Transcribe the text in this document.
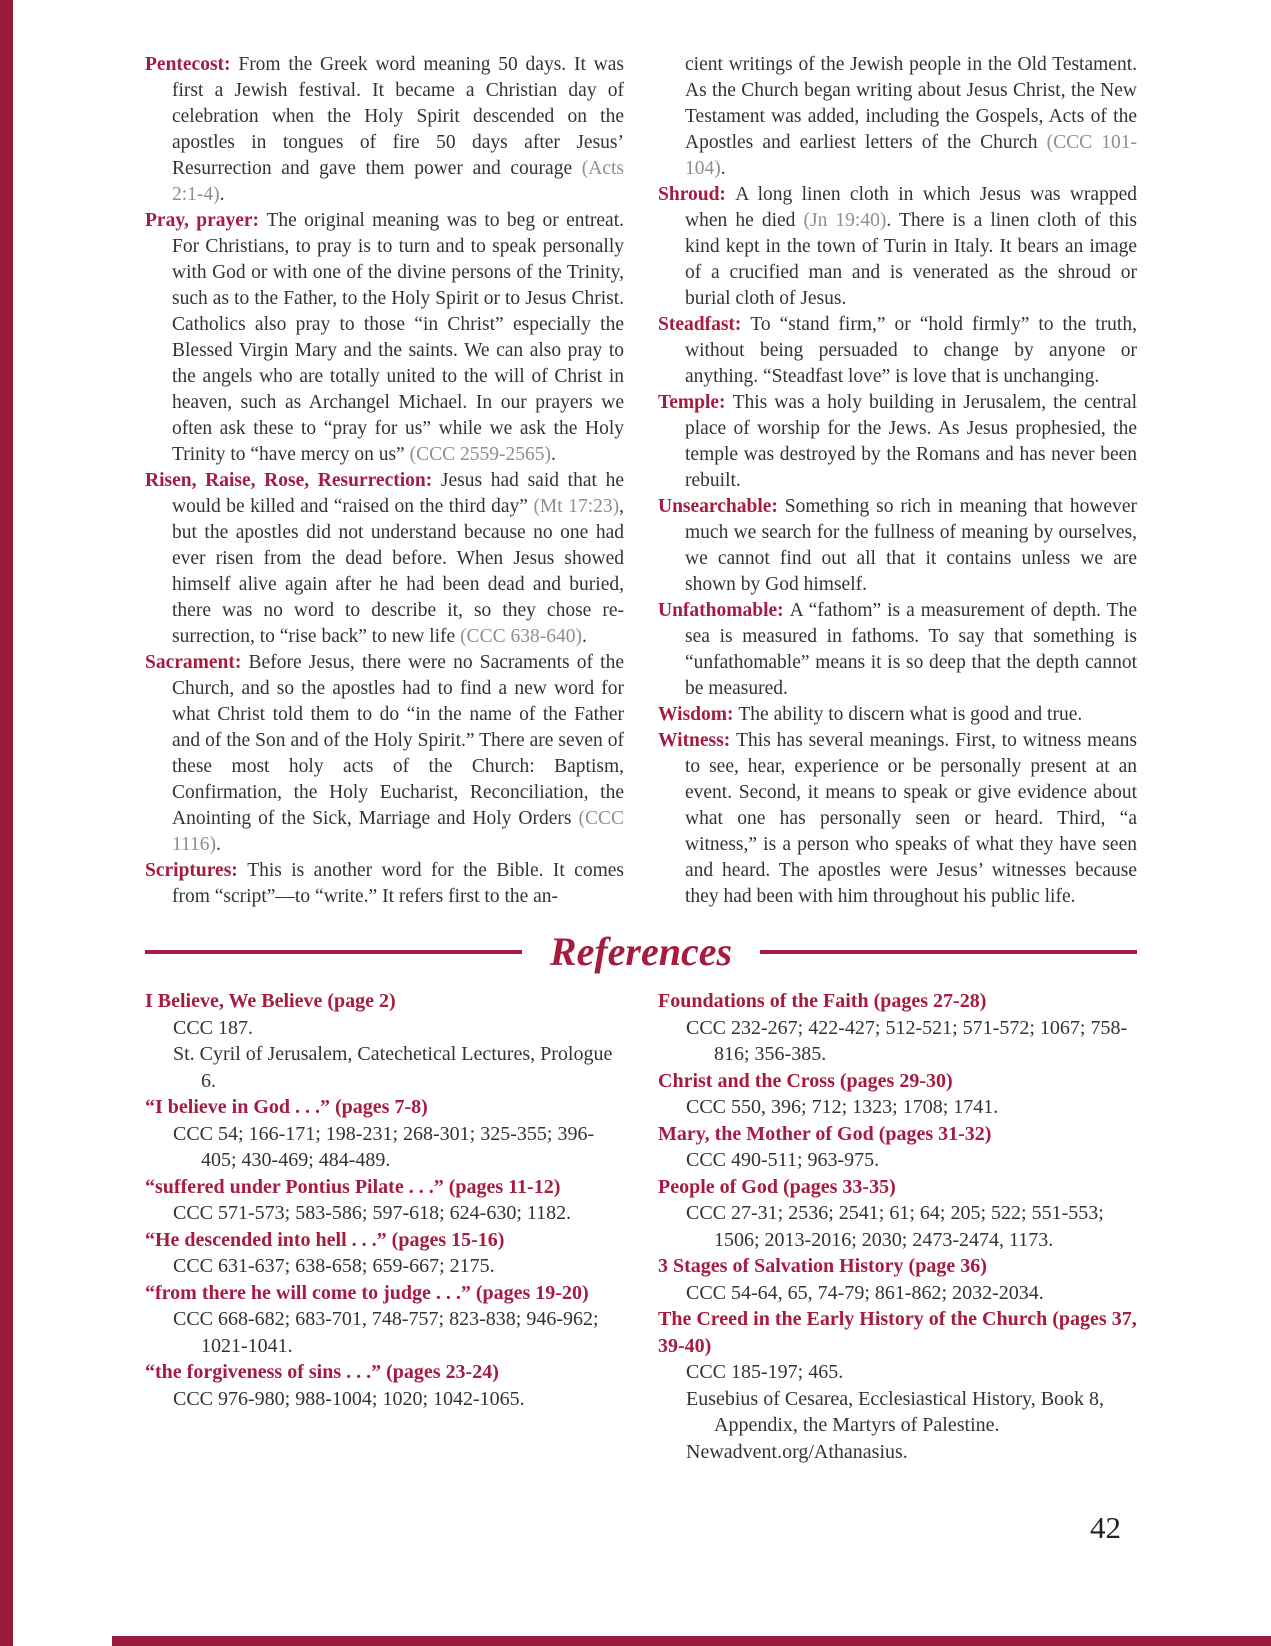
Pentecost: From the Greek word meaning 50 days. It was first a Jewish festival. It became a Christian day of celebration when the Holy Spirit descended on the apostles in tongues of fire 50 days after Jesus’ Resurrection and gave them power and courage (Acts 2:1-4).

Pray, prayer: The original meaning was to beg or entreat. For Christians, to pray is to turn and to speak personally with God or with one of the divine persons of the Trinity, such as to the Father, to the Holy Spirit or to Jesus Christ. Catholics also pray to those “in Christ” especially the Blessed Virgin Mary and the saints. We can also pray to the angels who are totally united to the will of Christ in heaven, such as Archangel Michael. In our prayers we often ask these to “pray for us” while we ask the Holy Trinity to “have mercy on us” (CCC 2559-2565).

Risen, Raise, Rose, Resurrection: Jesus had said that he would be killed and “raised on the third day” (Mt 17:23), but the apostles did not understand because no one had ever risen from the dead before. When Jesus showed himself alive again after he had been dead and buried, there was no word to describe it, so they chose re-surrection, to “rise back” to new life (CCC 638-640).

Sacrament: Before Jesus, there were no Sacraments of the Church, and so the apostles had to find a new word for what Christ told them to do “in the name of the Father and of the Son and of the Holy Spirit.” There are seven of these most holy acts of the Church: Baptism, Confirmation, the Holy Eucharist, Reconciliation, the Anointing of the Sick, Marriage and Holy Orders (CCC 1116).

Scriptures: This is another word for the Bible. It comes from “script”—to “write.” It refers first to the an-

cient writings of the Jewish people in the Old Testament. As the Church began writing about Jesus Christ, the New Testament was added, including the Gospels, Acts of the Apostles and earliest letters of the Church (CCC 101-104).

Shroud: A long linen cloth in which Jesus was wrapped when he died (Jn 19:40). There is a linen cloth of this kind kept in the town of Turin in Italy. It bears an image of a crucified man and is venerated as the shroud or burial cloth of Jesus.

Steadfast: To “stand firm,” or “hold firmly” to the truth, without being persuaded to change by anyone or anything. “Steadfast love” is love that is unchanging.

Temple: This was a holy building in Jerusalem, the central place of worship for the Jews. As Jesus prophesied, the temple was destroyed by the Romans and has never been rebuilt.

Unsearchable: Something so rich in meaning that however much we search for the fullness of meaning by ourselves, we cannot find out all that it contains unless we are shown by God himself.

Unfathomable: A “fathom” is a measurement of depth. The sea is measured in fathoms. To say that something is “unfathomable” means it is so deep that the depth cannot be measured.

Wisdom: The ability to discern what is good and true.

Witness: This has several meanings. First, to witness means to see, hear, experience or be personally present at an event. Second, it means to speak or give evidence about what one has personally seen or heard. Third, “a witness,” is a person who speaks of what they have seen and heard. The apostles were Jesus’ witnesses because they had been with him throughout his public life.

References

I Believe, We Believe (page 2)

CCC 187.

St. Cyril of Jerusalem, Catechetical Lectures, Prologue 6.

“I believe in God . . .” (pages 7-8)

CCC 54; 166-171; 198-231; 268-301; 325-355; 396-405; 430-469; 484-489.

“suffered under Pontius Pilate . . .” (pages 11-12)

CCC 571-573; 583-586; 597-618; 624-630; 1182.

“He descended into hell . . .” (pages 15-16)

CCC 631-637; 638-658; 659-667; 2175.

“from there he will come to judge . . .” (pages 19-20)

CCC 668-682; 683-701, 748-757; 823-838; 946-962; 1021-1041.

“the forgiveness of sins . . .” (pages 23-24)

CCC 976-980; 988-1004; 1020; 1042-1065.

Foundations of the Faith (pages 27-28)

CCC 232-267; 422-427; 512-521; 571-572; 1067; 758-816; 356-385.

Christ and the Cross (pages 29-30)

CCC 550, 396; 712; 1323; 1708; 1741.

Mary, the Mother of God (pages 31-32)

CCC 490-511; 963-975.

People of God (pages 33-35)

CCC 27-31; 2536; 2541; 61; 64; 205; 522; 551-553; 1506; 2013-2016; 2030; 2473-2474, 1173.

3 Stages of Salvation History (page 36)

CCC 54-64, 65, 74-79; 861-862; 2032-2034.

The Creed in the Early History of the Church (pages 37, 39-40)

CCC 185-197; 465.

Eusebius of Cesarea, Ecclesiastical History, Book 8, Appendix, the Martyrs of Palestine.

Newadvent.org/Athanasius.

42
